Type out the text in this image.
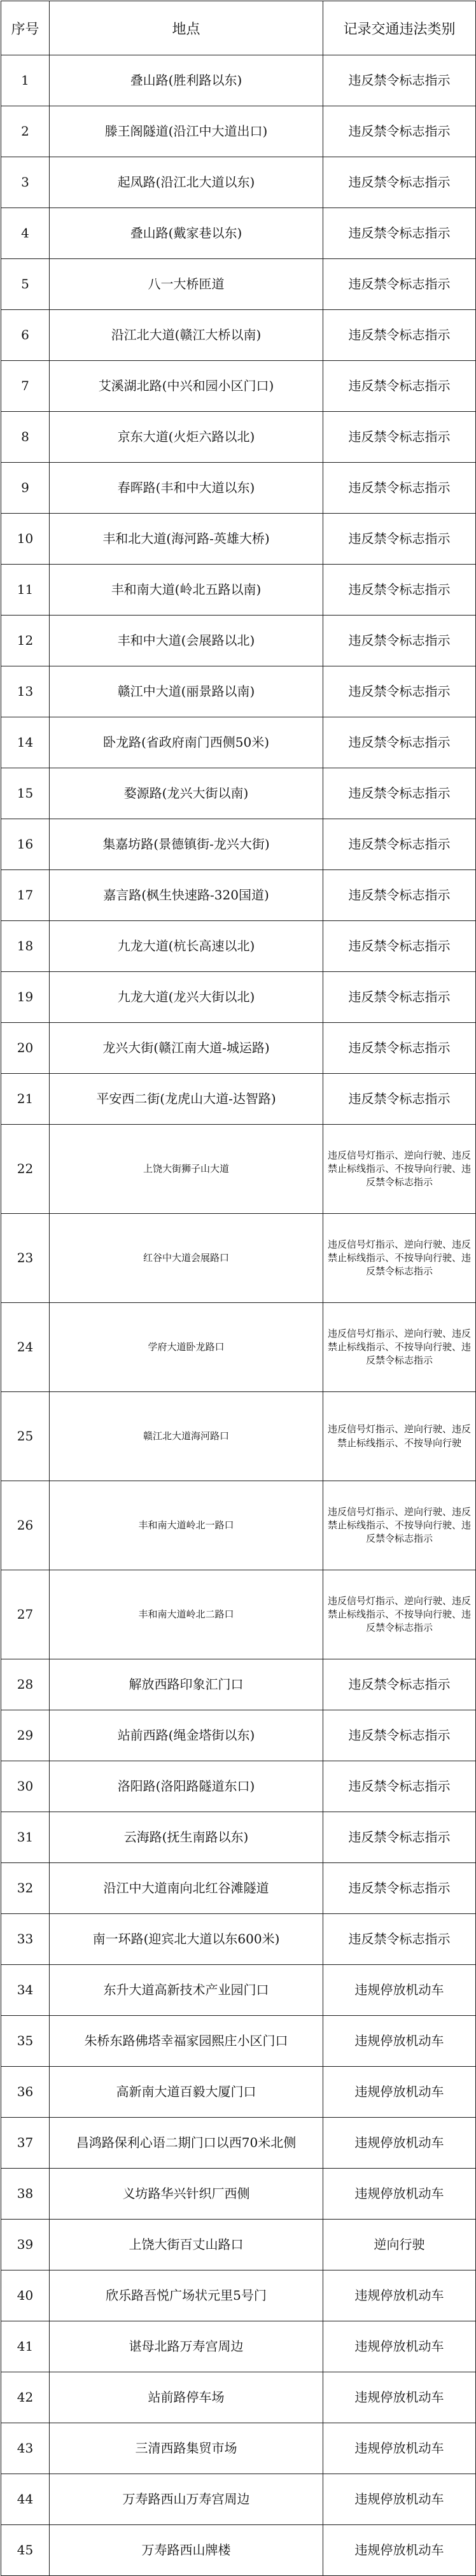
序号	地点	记录交通违法类别
1	叠山路(胜利路以东)	违反禁令标志指示
2	滕王阁隧道(沿江中大道出口)	违反禁令标志指示
3	起凤路(沿江北大道以东)	违反禁令标志指示
4	叠山路(戴家巷以东)	违反禁令标志指示
5	八一大桥匝道	违反禁令标志指示
6	沿江北大道(赣江大桥以南)	违反禁令标志指示
7	艾溪湖北路(中兴和园小区门口)	违反禁令标志指示
8	京东大道(火炬六路以北)	违反禁令标志指示
9	春晖路(丰和中大道以东)	违反禁令标志指示
10	丰和北大道(海河路-英雄大桥)	违反禁令标志指示
11	丰和南大道(岭北五路以南)	违反禁令标志指示
12	丰和中大道(会展路以北)	违反禁令标志指示
13	赣江中大道(丽景路以南)	违反禁令标志指示
14	卧龙路(省政府南门西侧50米)	违反禁令标志指示
15	婺源路(龙兴大街以南)	违反禁令标志指示
16	集嘉坊路(景德镇街-龙兴大街)	违反禁令标志指示
17	嘉言路(枫生快速路-320国道)	违反禁令标志指示
18	九龙大道(杭长高速以北)	违反禁令标志指示
19	九龙大道(龙兴大街以北)	违反禁令标志指示
20	龙兴大街(赣江南大道-城运路)	违反禁令标志指示
21	平安西二街(龙虎山大道-达智路)	违反禁令标志指示
22	上饶大街狮子山大道	违反信号灯指示、逆向行驶、违反禁止标线指示、不按导向行驶、违反禁令标志指示
23	红谷中大道会展路口	违反信号灯指示、逆向行驶、违反禁止标线指示、不按导向行驶、违反禁令标志指示
24	学府大道卧龙路口	违反信号灯指示、逆向行驶、违反禁止标线指示、不按导向行驶、违反禁令标志指示
25	赣江北大道海河路口	违反信号灯指示、逆向行驶、违反禁止标线指示、不按导向行驶
26	丰和南大道岭北一路口	违反信号灯指示、逆向行驶、违反禁止标线指示、不按导向行驶、违反禁令标志指示
27	丰和南大道岭北二路口	违反信号灯指示、逆向行驶、违反禁止标线指示、不按导向行驶、违反禁令标志指示
28	解放西路印象汇门口	违反禁令标志指示
29	站前西路(绳金塔街以东)	违反禁令标志指示
30	洛阳路(洛阳路隧道东口)	违反禁令标志指示
31	云海路(抚生南路以东)	违反禁令标志指示
32	沿江中大道南向北红谷滩隧道	违反禁令标志指示
33	南一环路(迎宾北大道以东600米)	违反禁令标志指示
34	东升大道高新技术产业园门口	违规停放机动车
35	朱桥东路佛塔幸福家园熙庄小区门口	违规停放机动车
36	高新南大道百毅大厦门口	违规停放机动车
37	昌鸿路保利心语二期门口以西70米北侧	违规停放机动车
38	义坊路华兴针织厂西侧	违规停放机动车
39	上饶大街百丈山路口	逆向行驶
40	欣乐路吾悦广场状元里5号门	违规停放机动车
41	谌母北路万寿宫周边	违规停放机动车
42	站前路停车场	违规停放机动车
43	三清西路集贸市场	违规停放机动车
44	万寿路西山万寿宫周边	违规停放机动车
45	万寿路西山牌楼	违规停放机动车
